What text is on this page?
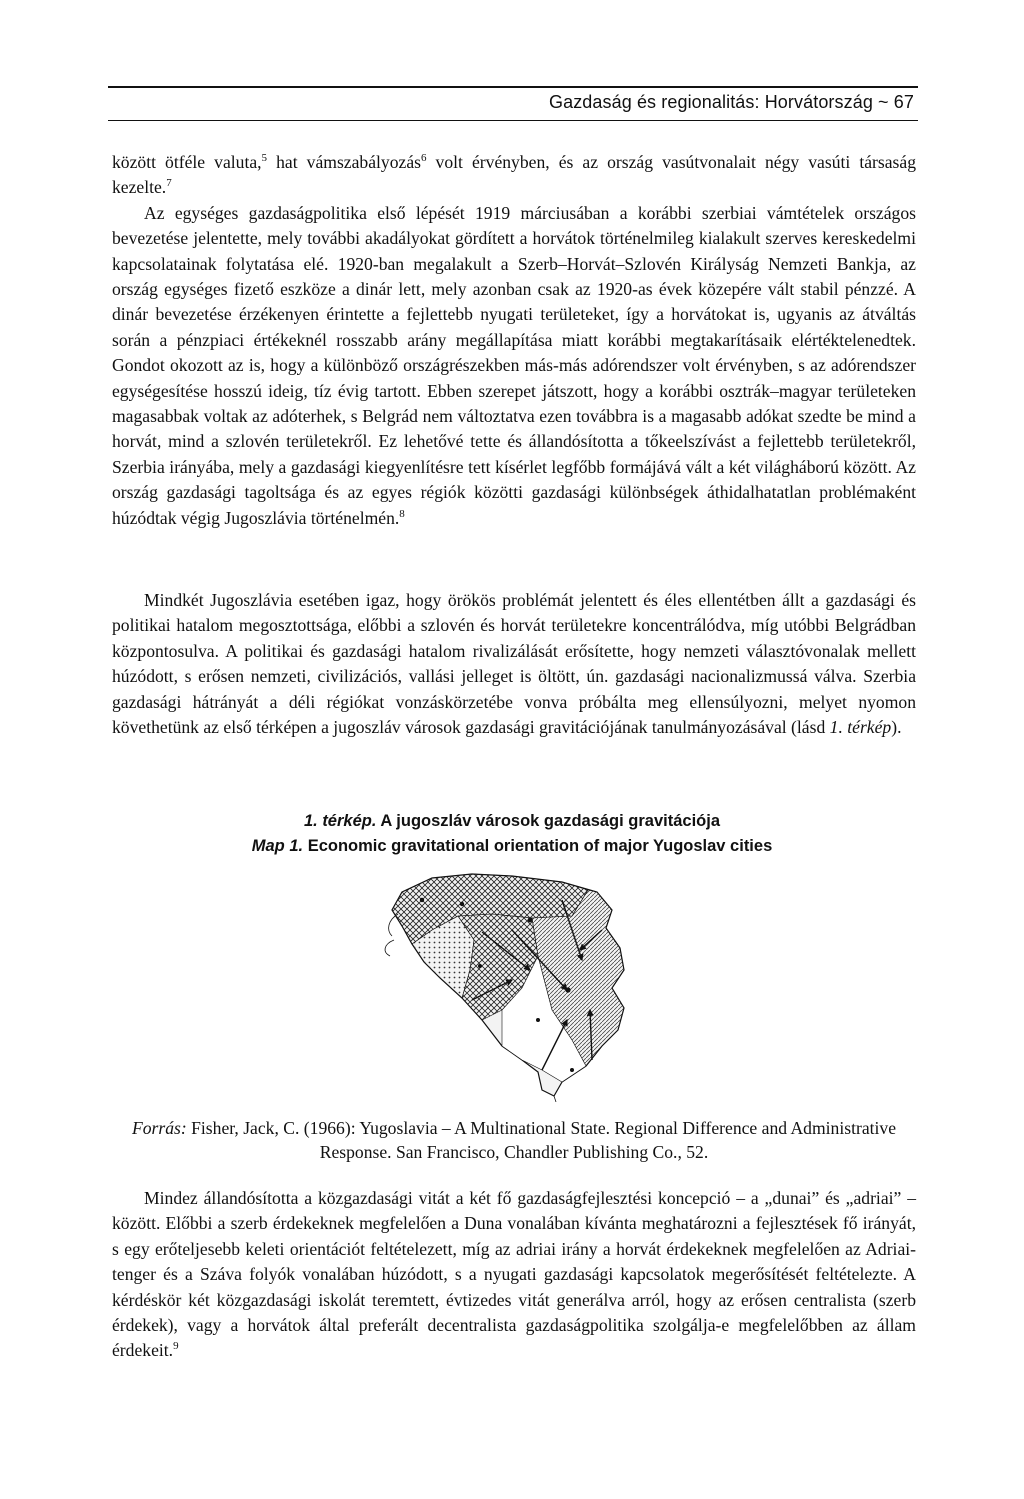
Gazdaság és regionalitás: Horvátország ~ 67

között ötféle valuta,$^5$ hat vámszabályozás$^6$ volt érvényben, és az ország vasútvonalait négy vasúti társaság kezelte.$^7$

Az egységes gazdaságpolitika első lépését 1919 márciusában a korábbi szerbiai vámtételek országos bevezetése jelentette, mely további akadályokat gördített a horvátok történelmileg kialakult szerves kereskedelmi kapcsolatainak folytatása elé. 1920-ban megalakult a Szerb–Horvát–Szlovén Királyság Nemzeti Bankja, az ország egységes fizető eszköze a dinár lett, mely azonban csak az 1920-as évek közepére vált stabil pénzzé. A dinár bevezetése érzékenyen érintette a fejlettebb nyugati területeket, így a horvátokat is, ugyanis az átváltás során a pénzpiaci értékeknél rosszabb arány megállapítása miatt korábbi megtakarításaik elértéktelenedtek. Gondot okozott az is, hogy a különböző országrészekben más-más adórendszer volt érvényben, s az adórendszer egységesítése hosszú ideig, tíz évig tartott. Ebben szerepet játszott, hogy a korábbi osztrák–magyar területeken magasabbak voltak az adóterhek, s Belgrád nem változtatva ezen továbbra is a magasabb adókat szedte be mind a horvát, mind a szlovén területekről. Ez lehetővé tette és állandósította a tőkeelszívást a fejlettebb területekről, Szerbia irányába, mely a gazdasági kiegyenlítésre tett kísérlet legfőbb formájává vált a két világháború között. Az ország gazdasági tagoltsága és az egyes régiók közötti gazdasági különbségek áthidalhatatlan problémaként húzódtak végig Jugoszlávia történelmén.$^8$

Mindkét Jugoszlávia esetében igaz, hogy örökös problémát jelentett és éles ellentétben állt a gazdasági és politikai hatalom megosztottsága, előbbi a szlovén és horvát területekre koncentrálódva, míg utóbbi Belgrádban központosulva. A politikai és gazdasági hatalom rivalizálását erősítette, hogy nemzeti választóvonalak mellett húzódott, s erősen nemzeti, civilizációs, vallási jelleget is öltött, ún. gazdasági nacionalizmussá válva. Szerbia gazdasági hátrányát a déli régiókat vonzáskörzetébe vonva próbálta meg ellensúlyozni, melyet nyomon követhetünk az első térképen a jugoszláv városok gazdasági gravitációjának tanulmányozásával (lásd 1. térkép).

1. térkép. A jugoszláv városok gazdasági gravitációja
Map 1. Economic gravitational orientation of major Yugoslav cities
Forrás: Fisher, Jack, C. (1966): Yugoslavia – A Multinational State. Regional Difference and Administrative Response. San Francisco, Chandler Publishing Co., 52.

Mindez állandósította a közgazdasági vitát a két fő gazdaságfejlesztési koncepció – a „dunai” és „adriai” – között. Előbbi a szerb érdekeknek megfelelően a Duna vonalában kívánta meghatározni a fejlesztések fő irányát, s egy erőteljesebb keleti orientációt feltételezett, míg az adriai irány a horvát érdekeknek megfelelően az Adriai-tenger és a Száva folyók vonalában húzódott, s a nyugati gazdasági kapcsolatok megerősítését feltételezte. A kérdéskör két közgazdasági iskolát teremtett, évtizedes vitát generálva arról, hogy az erősen centralista (szerb érdekek), vagy a horvátok által preferált decentralista gazdaságpolitika szolgálja-e megfelelőbben az állam érdekeit.$^9$
